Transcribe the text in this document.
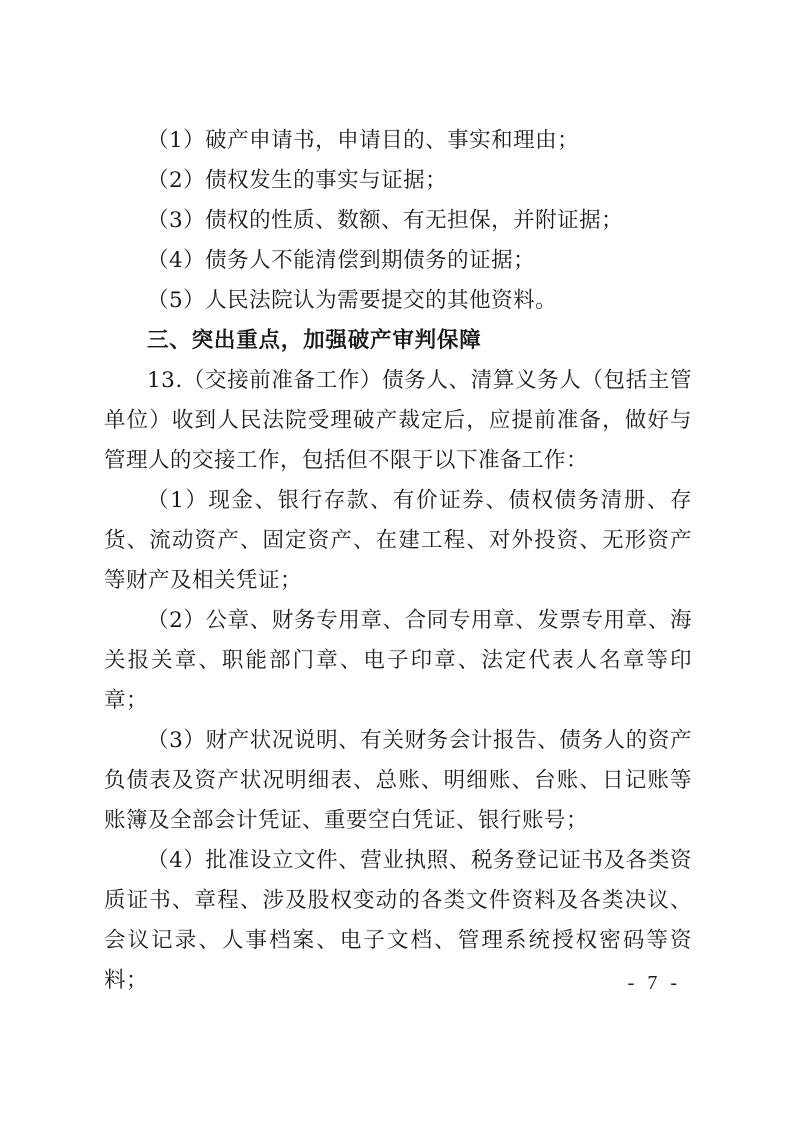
（1）破产申请书，申请目的、事实和理由；

（2）债权发生的事实与证据；

（3）债权的性质、数额、有无担保，并附证据；

（4）债务人不能清偿到期债务的证据；

（5）人民法院认为需要提交的其他资料。

三、突出重点，加强破产审判保障

13.（交接前准备工作）债务人、清算义务人（包括主管单位）收到人民法院受理破产裁定后，应提前准备，做好与管理人的交接工作，包括但不限于以下准备工作：

（1）现金、银行存款、有价证券、债权债务清册、存货、流动资产、固定资产、在建工程、对外投资、无形资产等财产及相关凭证；

（2）公章、财务专用章、合同专用章、发票专用章、海关报关章、职能部门章、电子印章、法定代表人名章等印章；

（3）财产状况说明、有关财务会计报告、债务人的资产负债表及资产状况明细表、总账、明细账、台账、日记账等账簿及全部会计凭证、重要空白凭证、银行账号；

（4）批准设立文件、营业执照、税务登记证书及各类资质证书、章程、涉及股权变动的各类文件资料及各类决议、会议记录、人事档案、电子文档、管理系统授权密码等资料；	- 7 -
